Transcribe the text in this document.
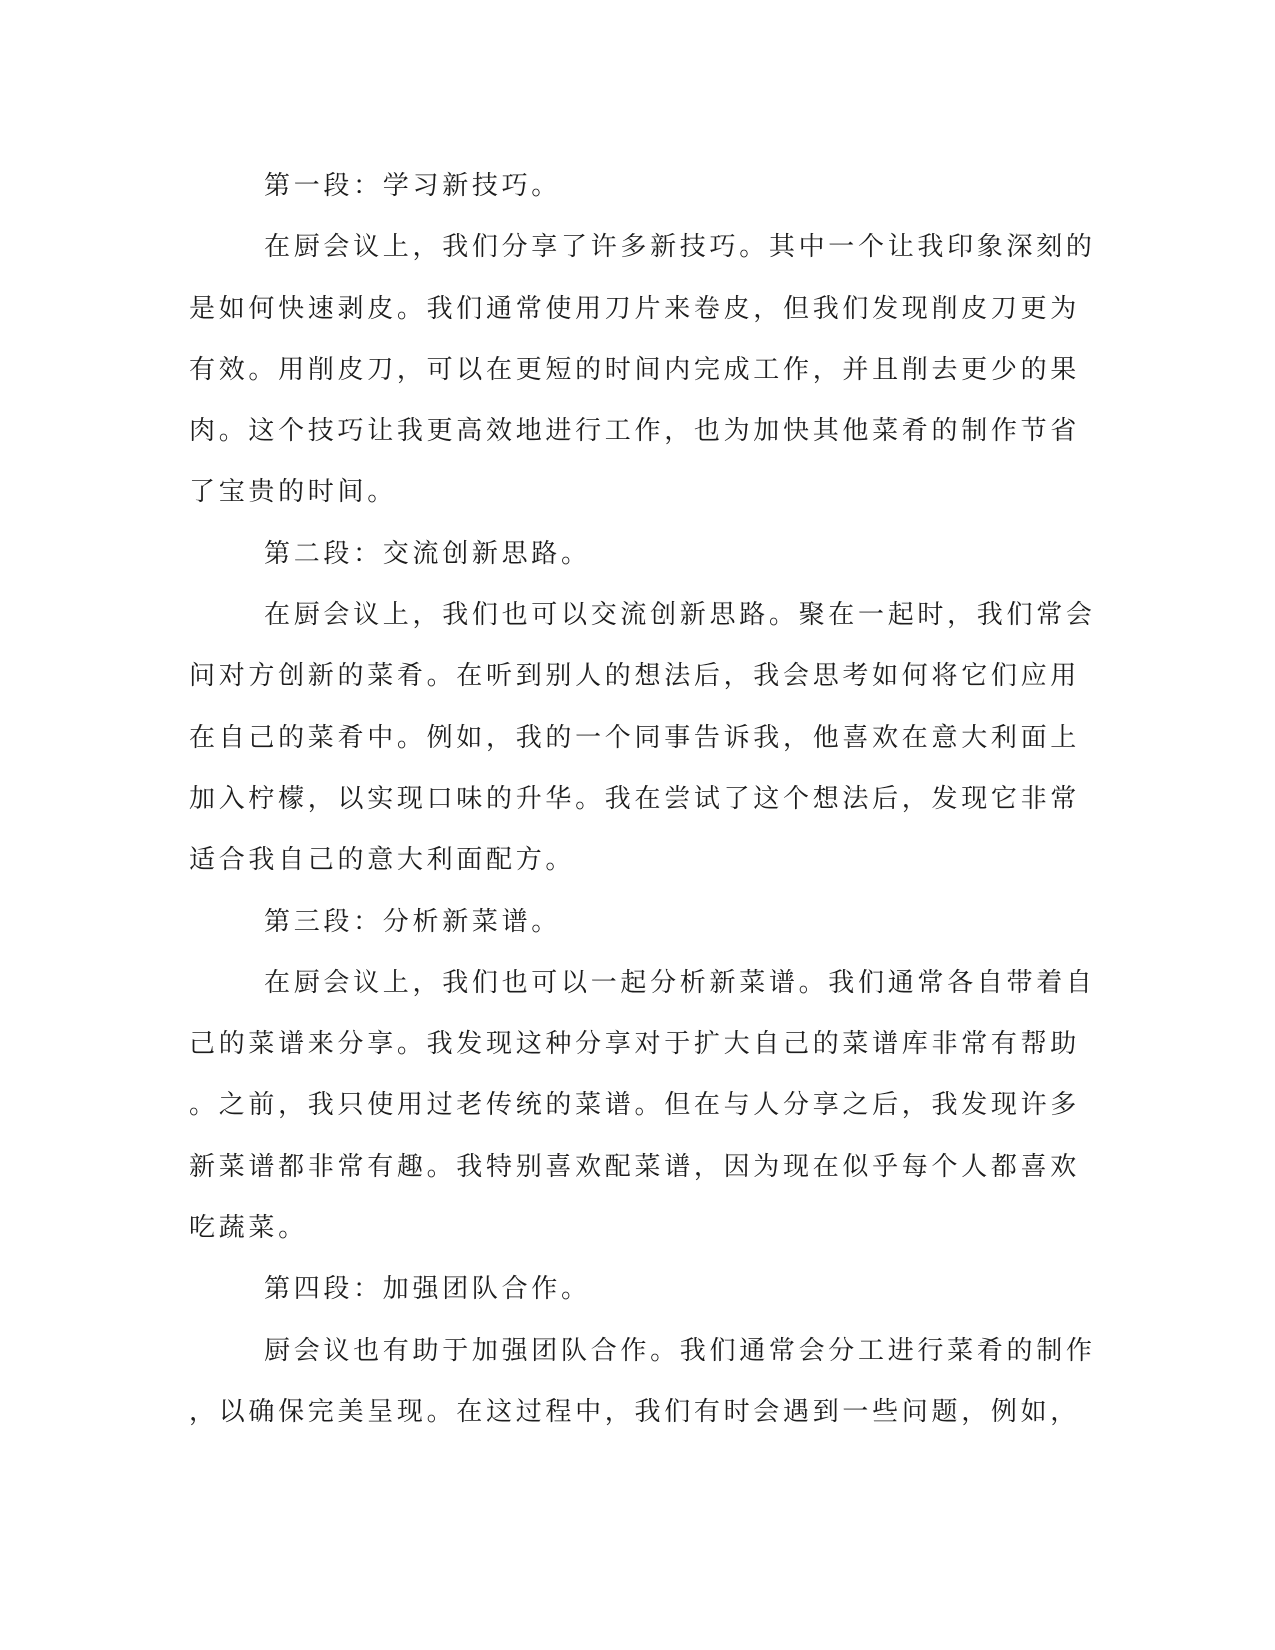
第一段：学习新技巧。
在厨会议上，我们分享了许多新技巧。其中一个让我印象深刻的
是如何快速剥皮。我们通常使用刀片来卷皮，但我们发现削皮刀更为
有效。用削皮刀，可以在更短的时间内完成工作，并且削去更少的果
肉。这个技巧让我更高效地进行工作，也为加快其他菜肴的制作节省
了宝贵的时间。
第二段：交流创新思路。
在厨会议上，我们也可以交流创新思路。聚在一起时，我们常会
问对方创新的菜肴。在听到别人的想法后，我会思考如何将它们应用
在自己的菜肴中。例如，我的一个同事告诉我，他喜欢在意大利面上
加入柠檬，以实现口味的升华。我在尝试了这个想法后，发现它非常
适合我自己的意大利面配方。
第三段：分析新菜谱。
在厨会议上，我们也可以一起分析新菜谱。我们通常各自带着自
己的菜谱来分享。我发现这种分享对于扩大自己的菜谱库非常有帮助
。之前，我只使用过老传统的菜谱。但在与人分享之后，我发现许多
新菜谱都非常有趣。我特别喜欢配菜谱，因为现在似乎每个人都喜欢
吃蔬菜。
第四段：加强团队合作。
厨会议也有助于加强团队合作。我们通常会分工进行菜肴的制作
，以确保完美呈现。在这过程中，我们有时会遇到一些问题，例如，
